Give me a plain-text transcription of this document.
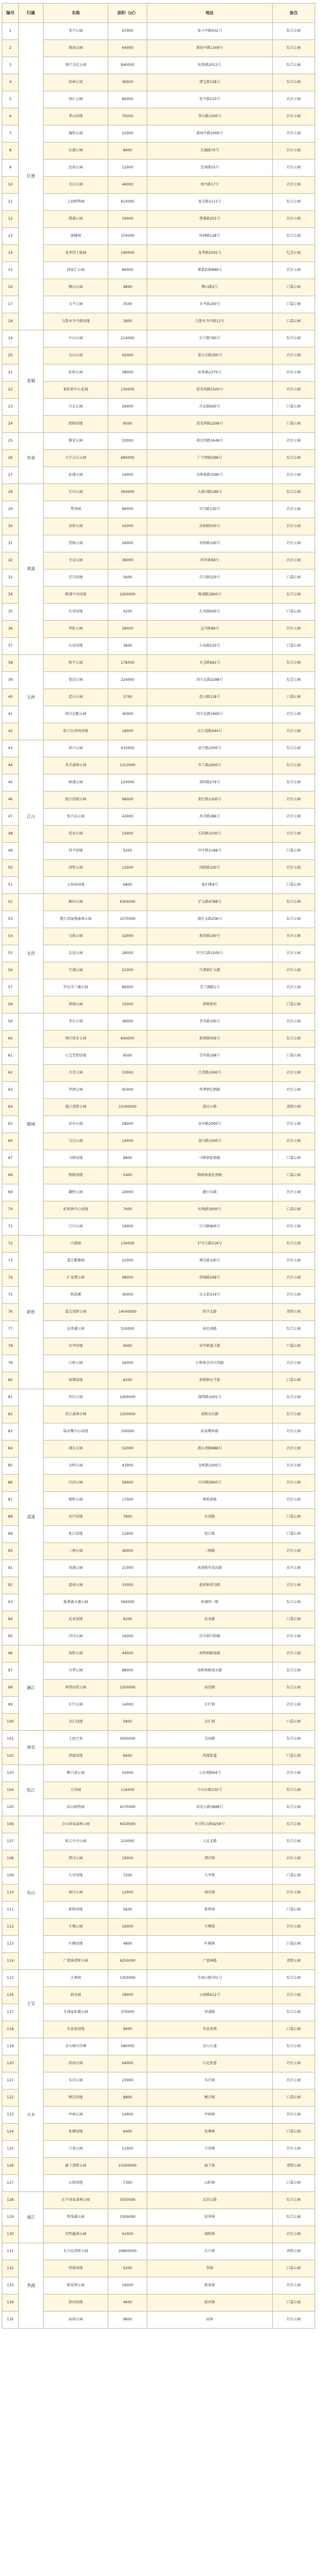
编号	归属	名称	面积（㎡）	地址	备注
1	红莲	复兴公园	97000	复兴中路501号	综合公园
2		淮海公园	64000	淮海中路1309号	综合公园
3		闵行文化公园	840000	虹桥路2012号	综合公园
4		桂林公园	36000	漕宝路128号	综合公园
5		徐汇公园	86000	宛平路210号	社区公园
6		华山绿地	75000	华山路1500号	社区公园
7		襄阳公园	22000	淮海中路1000号	社区公园
8		东湖公园	8600	东湖路70号	社区公园
9		思南公园	12000	思南路55号	社区公园
10		光启公园	46000	南丹路17号	社区公园
11		上海植物园	810000	龙吴路1111号	综合公园
12		漕溪公园	34000	漕溪路201号	社区公园
13		康健园	150000	桂林路128号	综合公园
14		龙华烈士陵园	190000	龙华路2591号	纪念公园
15		徐家汇公园	86000	肇嘉浜路889号	社区公园
16		衡山公园	4800	衡山路2号	口袋公园
17		天平公园	3500	天平路200号	口袋公园
18		乌鲁木齐中路绿地	2800	乌鲁木齐中路12号	口袋公园
19	青桐	中山公园	214000	长宁路780号	综合公园
20		天山公园	42000	娄山关路300号	社区公园
21		虹桥公园	38000	虹桥路2370号	社区公园
22		新虹桥中心花园	130000	延安西路1500号	社区公园
23		古北公园	28000	古北路600号	口袋公园
24		凯桥绿地	9500	延安西路2299号	口袋公园
25	华章	静安公园	33000	南京西路1649号	社区公园
26		大宁灵石公园	680000	广中西路288号	综合公园
27		彭浦公园	24000	共和新路3380号	社区公园
28	翠溪	长风公园	364000	大渡河路189号	综合公园
29		梦清园	86000	宜昌路130号	社区公园
30		真如公园	42000	真如路500号	社区公园
31		曹杨公园	26000	枣阳路100号	社区公园
32		甘泉公园	36000	西乡路68号	社区公园
33		宜川绿地	5600	宜川路320号	口袋公园
34		桃浦中央绿地	1000000	桃浦路1800号	综合公园
35		长寿绿地	4200	长寿路600号	口袋公园
36		普陀公园	28000	志丹路88号	社区公园
37		石泉绿地	3800	石泉路220号	口袋公园
38	玉岭	和平公园	176000	天宝路891号	综合公园
39		鲁迅公园	224000	四川北路2288号	纪念公园
40		霍山公园	3700	霍山路118号	口袋公园
41		四川北路公园	36000	四川北路1600号	社区公园
42		虹口足球场绿地	18000	东江湾路444号	社区公园
43	江川	黄兴公园	433000	黄兴路2000号	综合公园
44		共青森林公园	1310000	军工路2000号	综合公园
45		杨浦公园	220000	双阳路279号	综合公园
46		新江湾城公园	98000	殷行路1300号	社区公园
47		复兴岛公园	43000	共青路386号	社区公园
48		延春公园	14000	长阳路1500号	社区公园
49		四平绿地	5200	四平路1188号	口袋公园
50		国和公园	12000	国和路100号	社区公园
51		五角场绿地	6800	淞沪路8号	口袋公园
52	北岸	顾村公园	4300000	沪太路4788号	综合公园
53		炮台湾湿地森林公园	1070000	塘后支路206号	综合公园
54		吴淞公园	32000	淞滨路100号	社区公园
55		友谊公园	28000	牡丹江路1500号	社区公园
56		月浦公园	21000	月浦镇沪太路	社区公园
57		罗店美兰湖公园	86000	美兰湖路1号	社区公园
58		泗塘公园	15000	泗塘新村	口袋公园
59	桐城	莘庄公园	36000	莘朱路100号	社区公园
60		闵行体育公园	840000	新镇路456号	综合公园
61		七宝老街绿地	6500	青年路188号	口袋公园
62		古美公园	33000	古美路1000号	社区公园
63		华漕公园	45000	华漕镇纪鹤路	社区公园
64		浦江郊野公园	15300000	浦星公路	郊野公园
65		春申公园	28000	春申路2000号	社区公园
66		吴泾公园	14000	剑川路1500号	社区公园
67		马桥绿地	8800	马桥镇银都路	口袋公园
68		梅陇绿地	5400	梅陇镇莲花南路	口袋公园
69		颛桥公园	24000	颛兴东路	社区公园
70		虹桥镇中心绿地	7600	虹梅路3000号	口袋公园
71		江川公园	19000	江川路800号	社区公园
72	新桥	古漪园	130000	沪宜公路218号	综合公园
73		嘉定紫藤园	22000	博乐路100号	社区公园
74		汇龙潭公园	48000	塔城路299号	社区公园
75		秋霞圃	30000	东大街314号	社区公园
76		嘉北郊野公园	14000000	胜辛北路	郊野公园
77		远香湖公园	520000	裕民南路	综合公园
78		安亭绿地	9000	安亭镇墨玉路	口袋公园
79		江桥公园	26000	江桥镇金沙江西路	社区公园
80		南翔绿地	6200	南翔镇民主街	口袋公园
81	清溪	世纪公园	1400000	锦绣路1001号	综合公园
82		滨江森林公园	1200000	凌桥高东路	综合公园
83		陆家嘴中心绿地	100000	陆家嘴环路	社区公园
84		浦东公园	52000	浦东南路888号	社区公园
85		金桥公园	43000	金桥路1000号	社区公园
86		川沙公园	58000	川沙路5600号	社区公园
87		塘桥公园	17000	塘桥新路	社区公园
88		高行绿地	7800	东靖路	口袋公园
89		张江绿地	12000	张江路	口袋公园
90		三林公园	36000	三林路	社区公园
91		周浦公园	21000	周浦镇年家浜路	社区公园
92		惠南公园	33000	惠南镇拱为路	社区公园
93		临港滴水湖公园	560000	环湖西一路	综合公园
94		花木绿地	9200	花木路	口袋公园
95		洋泾公园	16000	洋泾镇巨野路	社区公园
96	澜江	南桥公园	44000	南桥镇解放路	社区公园
97		古华公园	88000	南桥镇解放东路	综合公园
98		奉贤海湾公园	1200000	海湾镇	综合公园
99		庄行公园	14000	庄行镇	社区公园
100		金汇绿地	5800	金汇镇	口袋公园
101	南屯	上海之鱼	3000000	金海路	综合公园
102		西渡绿地	6600	西渡街道	口袋公园
103	松江	醉白池公园	50000	人民南路64号	社区公园
104		方塔园	116000	中山东路235号	综合公园
105		辰山植物园	2070000	辰花公路3888号	综合公园
106	东山	佘山国家森林公园	4010000	外青松公路9258号	综合公园
107		松江中央公园	210000	人民北路	综合公园
108		泗泾公园	19000	泗泾镇	社区公园
109		九亭绿地	7200	九亭镇	口袋公园
110		洞泾公园	12000	洞泾镇	社区公园
111		新桥绿地	5600	新桥镇	口袋公园
112		车墩公园	16000	车墩镇	社区公园
113		叶榭绿地	4800	叶榭镇	口袋公园
114		广富林郊野公园	4250000	广富林路	郊野公园
115	七宝	大观园	1350000	青商公路701号	综合公园
116		曲水园	18000	公园路612号	社区公园
117		青浦夏阳湖公园	370000	华浦路	综合公园
118		朱家角绿地	9600	朱家角镇	口袋公园
119	兴丰	金山城市沙滩	580000	金山大道	综合公园
120		滨海公园	64000	石化街道	社区公园
121		朱泾公园	23000	朱泾镇	社区公园
122		枫泾绿地	8800	枫泾镇	口袋公园
123		亭林公园	14000	亭林镇	社区公园
124		张堰绿地	6400	张堰镇	口袋公园
125		吕巷公园	11000	吕巷镇	社区公园
126		廊下郊野公园	21000000	廊下镇	郊野公园
127		山阳绿地	7300	山阳镇	口袋公园
128	浦江	东平国家森林公园	3550000	北沿公路	综合公园
129		明珠湖公园	3300000	绿华镇	综合公园
130		崇明瀛洲公园	42000	城桥镇	社区公园
131	秀湖	长兴岛郊野公园	29800000	长兴镇	郊野公园
132		堡镇绿地	5200	堡镇	口袋公园
133		陈家镇公园	16000	陈家镇	社区公园
134		新河绿地	4600	新河镇	口袋公园
135		庙镇公园	9800	庙镇	社区公园
